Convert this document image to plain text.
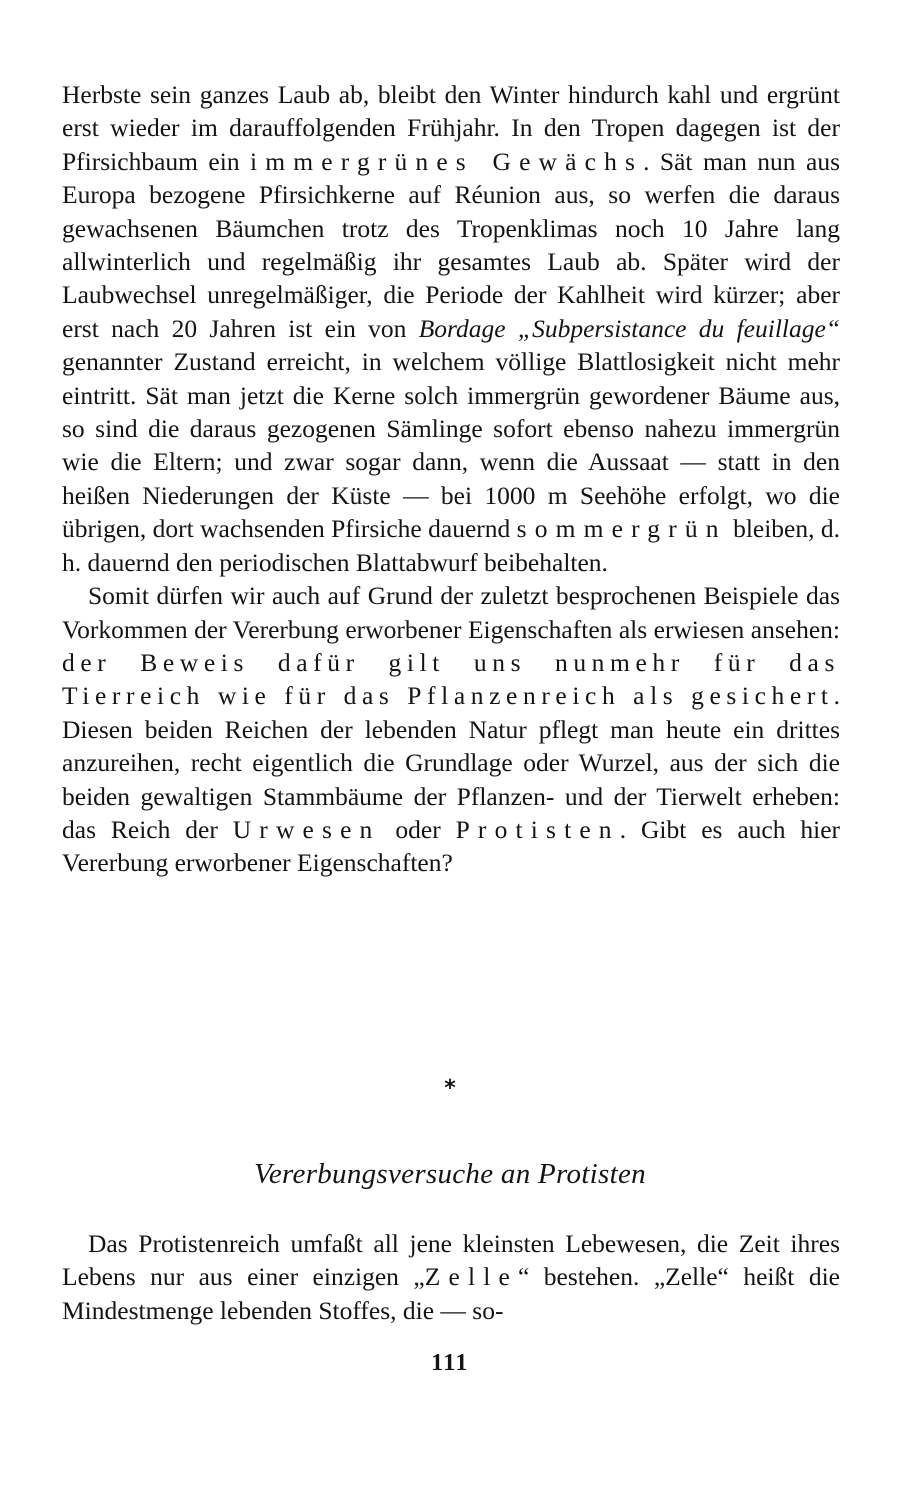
Herbste sein ganzes Laub ab, bleibt den Winter hindurch kahl und ergrünt erst wieder im darauffolgenden Frühjahr. In den Tropen dagegen ist der Pfirsichbaum ein immergrünes Gewächs. Sät man nun aus Europa bezogene Pfirsichkerne auf Réunion aus, so werfen die daraus gewachsenen Bäumchen trotz des Tropenklimas noch 10 Jahre lang allwinterlich und regelmäßig ihr gesamtes Laub ab. Später wird der Laubwechsel unregelmäßiger, die Periode der Kahlheit wird kürzer; aber erst nach 20 Jahren ist ein von Bordage „Subpersistance du feuillage“ genannter Zustand erreicht, in welchem völlige Blattlosigkeit nicht mehr eintritt. Sät man jetzt die Kerne solch immergrün gewordener Bäume aus, so sind die daraus gezogenen Sämlinge sofort ebenso nahezu immergrün wie die Eltern; und zwar sogar dann, wenn die Aussaat — statt in den heißen Niederungen der Küste — bei 1000 m Seehöhe erfolgt, wo die übrigen, dort wachsenden Pfirsiche dauernd sommergrün bleiben, d. h. dauernd den periodischen Blattabwurf beibehalten.

Somit dürfen wir auch auf Grund der zuletzt besprochenen Beispiele das Vorkommen der Vererbung erworbener Eigenschaften als erwiesen ansehen: der Beweis dafür gilt uns nunmehr für das Tierreich wie für das Pflanzenreich als gesichert. Diesen beiden Reichen der lebenden Natur pflegt man heute ein drittes anzureihen, recht eigentlich die Grundlage oder Wurzel, aus der sich die beiden gewaltigen Stammbäume der Pflanzen- und der Tierwelt erheben: das Reich der Urwesen oder Protisten. Gibt es auch hier Vererbung erworbener Eigenschaften?

*
Vererbungsversuche an Protisten

Das Protistenreich umfaßt all jene kleinsten Lebewesen, die Zeit ihres Lebens nur aus einer einzigen „Zelle“ bestehen. „Zelle“ heißt die Mindestmenge lebenden Stoffes, die — so-

111
